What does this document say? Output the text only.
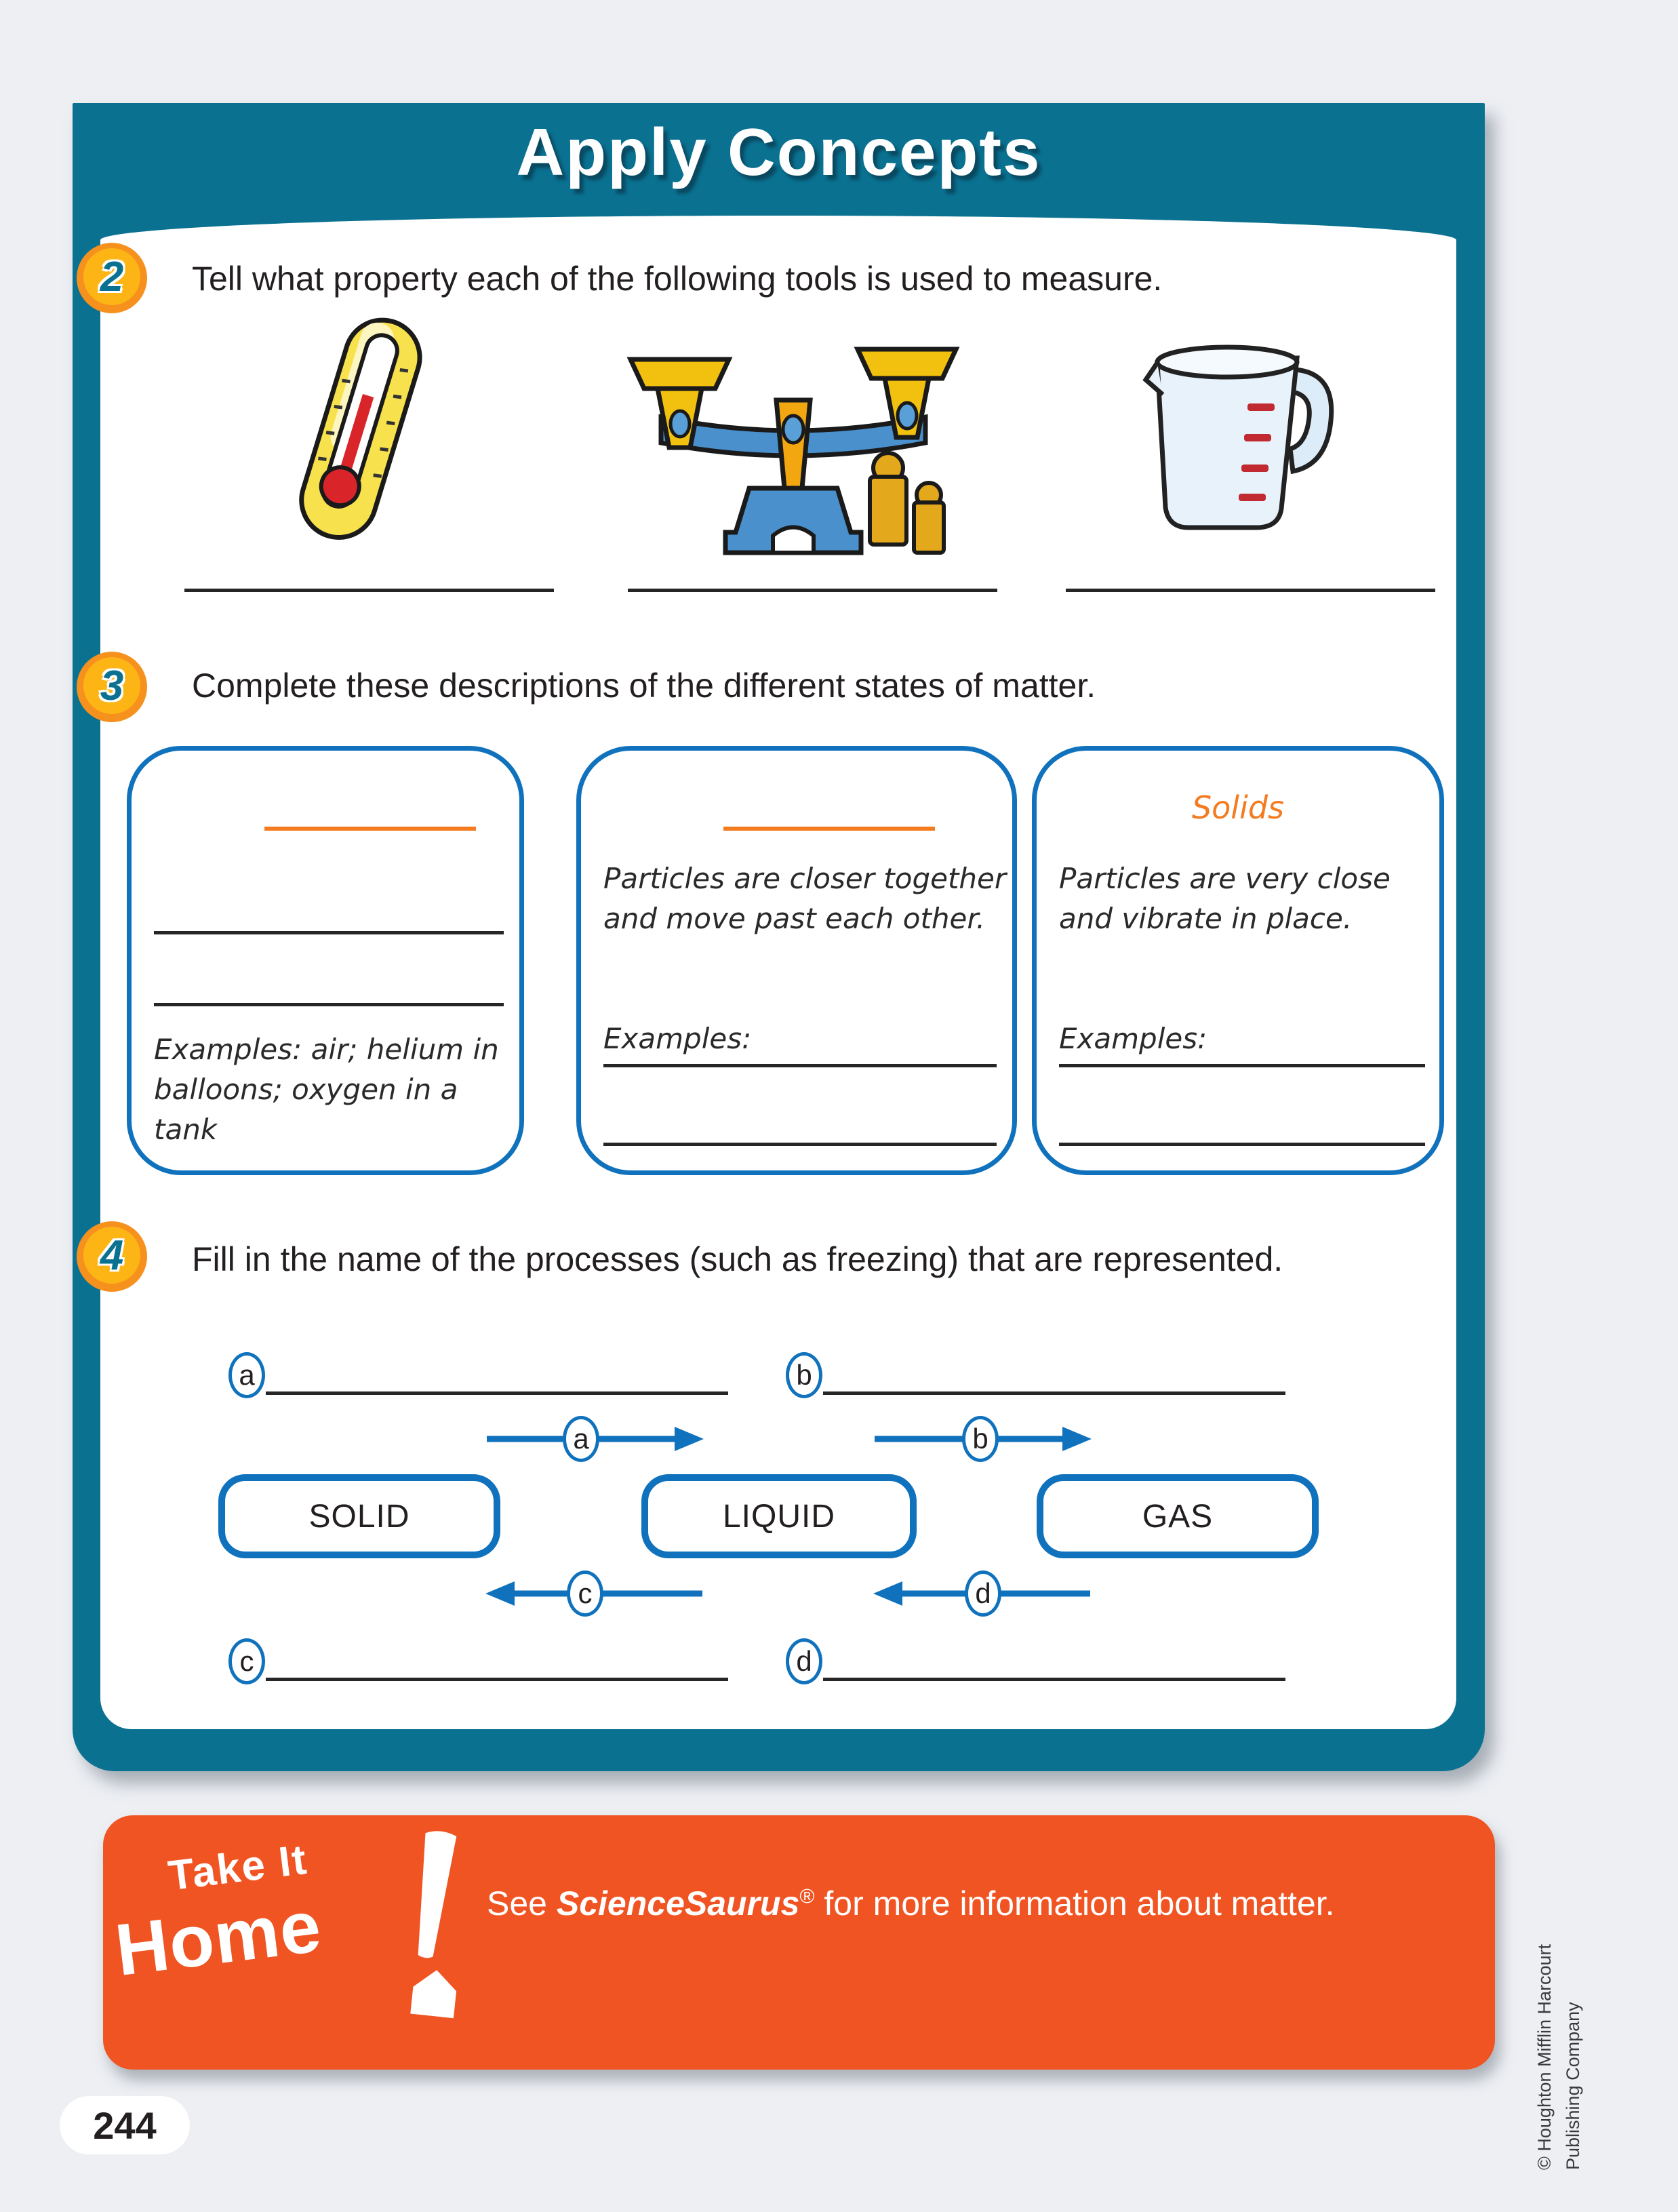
Apply Concepts
2 Tell what property each of the following tools is used to measure.
3 Complete these descriptions of the different states of matter.
Examples: air; helium in balloons; oxygen in a tank
Particles are closer together and move past each other.
Examples:
Solids
Particles are very close and vibrate in place.
Examples:
4 Fill in the name of the processes (such as freezing) that are represented.
a	b
a	b
SOLID	LIQUID	GAS
c	d
c	d
Take It
Home	See ScienceSaurus® for more information about matter.
244	© Houghton Mifflin Harcourt Publishing Company
